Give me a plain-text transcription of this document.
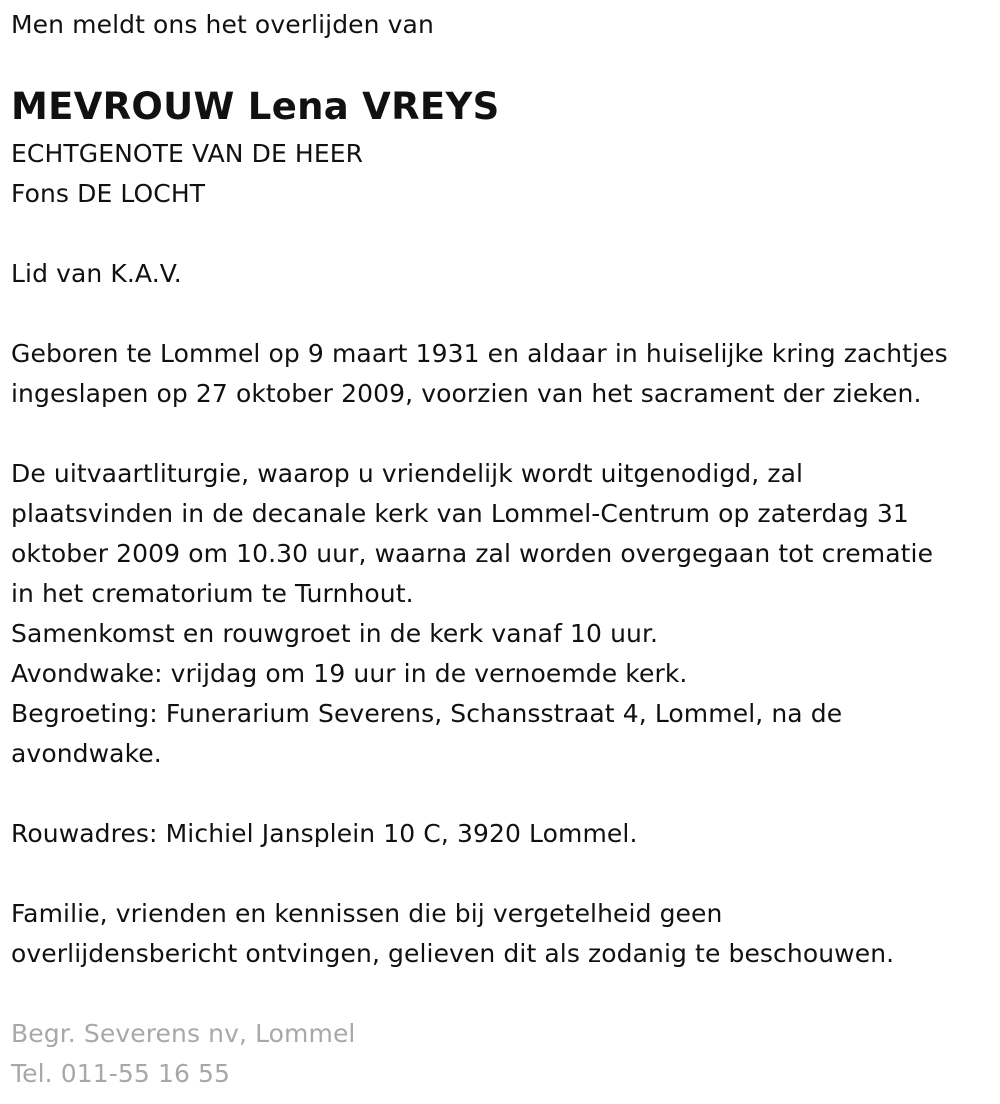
Men meldt ons het overlijden van
MEVROUW Lena VREYS
ECHTGENOTE VAN DE HEER
Fons DE LOCHT
Lid van K.A.V.
Geboren te Lommel op 9 maart 1931 en aldaar in huiselijke kring zachtjes
ingeslapen op 27 oktober 2009, voorzien van het sacrament der zieken.
De uitvaartliturgie, waarop u vriendelijk wordt uitgenodigd, zal
plaatsvinden in de decanale kerk van Lommel-Centrum op zaterdag 31
oktober 2009 om 10.30 uur, waarna zal worden overgegaan tot crematie
in het crematorium te Turnhout.
Samenkomst en rouwgroet in de kerk vanaf 10 uur.
Avondwake: vrijdag om 19 uur in de vernoemde kerk.
Begroeting: Funerarium Severens, Schansstraat 4, Lommel, na de
avondwake.
Rouwadres: Michiel Jansplein 10 C, 3920 Lommel.
Familie, vrienden en kennissen die bij vergetelheid geen
overlijdensbericht ontvingen, gelieven dit als zodanig te beschouwen.
Begr. Severens nv, Lommel
Tel. 011-55 16 55
